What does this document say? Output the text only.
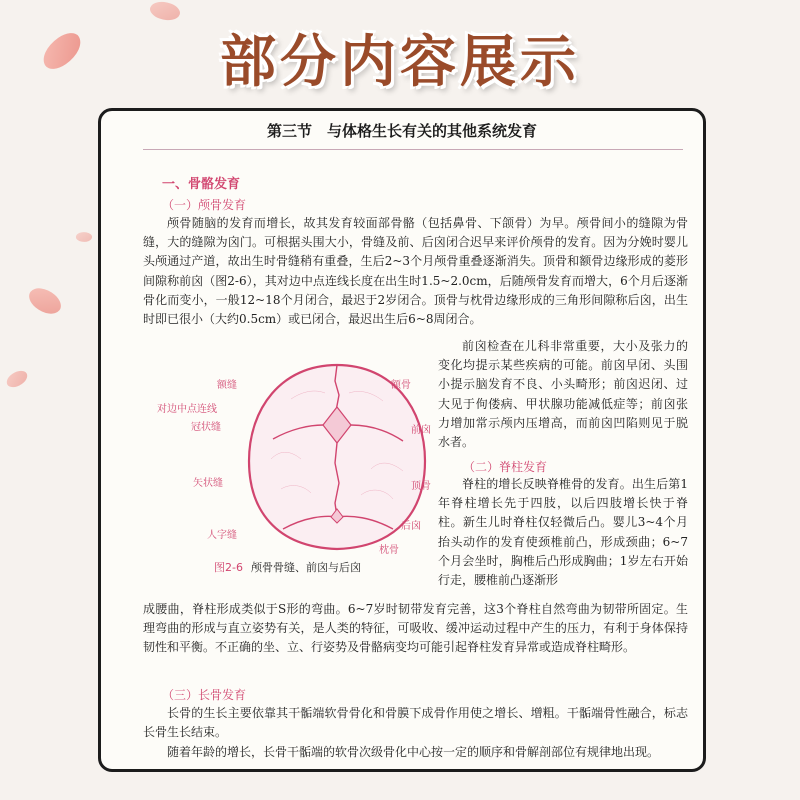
部分内容展示
第三节　与体格生长有关的其他系统发育
一、骨骼发育
（一）颅骨发育

颅骨随脑的发育而增长，故其发育较面部骨骼（包括鼻骨、下颌骨）为早。颅骨间小的缝隙为骨缝，大的缝隙为囟门。可根据头围大小，骨缝及前、后囟闭合迟早来评价颅骨的发育。因为分娩时婴儿头颅通过产道，故出生时骨缝稍有重叠，生后2~3个月颅骨重叠逐渐消失。顶骨和额骨边缘形成的菱形间隙称前囟（图2-6），其对边中点连线长度在出生时1.5~2.0cm，后随颅骨发育而增大，6个月后逐渐骨化而变小，一般12~18个月闭合，最迟于2岁闭合。顶骨与枕骨边缘形成的三角形间隙称后囟，出生时即已很小（大约0.5cm）或已闭合，最迟出生后6~8周闭合。

前囟检查在儿科非常重要，大小及张力的变化均提示某些疾病的可能。前囟早闭、头围小提示脑发育不良、小头畸形；前囟迟闭、过大见于佝偻病、甲状腺功能减低症等；前囟张力增加常示颅内压增高，而前囟凹陷则见于脱水者。

（二）脊柱发育

脊柱的增长反映脊椎骨的发育。出生后第1年脊柱增长先于四肢，以后四肢增长快于脊柱。新生儿时脊柱仅轻微后凸。婴儿3~4个月抬头动作的发育使颈椎前凸，形成颈曲；6~7个月会坐时，胸椎后凸形成胸曲；1岁左右开始行走，腰椎前凸逐渐形

成腰曲，脊柱形成类似于S形的弯曲。6~7岁时韧带发育完善，这3个脊柱自然弯曲为韧带所固定。生理弯曲的形成与直立姿势有关，是人类的特征，可吸收、缓冲运动过程中产生的压力，有利于身体保持韧性和平衡。不正确的坐、立、行姿势及骨骼病变均可能引起脊柱发育异常或造成脊柱畸形。

（三）长骨发育

长骨的生长主要依靠其干骺端软骨骨化和骨膜下成骨作用使之增长、增粗。干骺端骨性融合，标志长骨生长结束。

随着年龄的增长，长骨干骺端的软骨次级骨化中心按一定的顺序和骨解剖部位有规律地出现。

额缝	额骨
对边中点连线
冠状缝	前囟
矢状缝	顶骨
后囟
人字缝
枕骨
图2-6 颅骨骨缝、前囟与后囟
